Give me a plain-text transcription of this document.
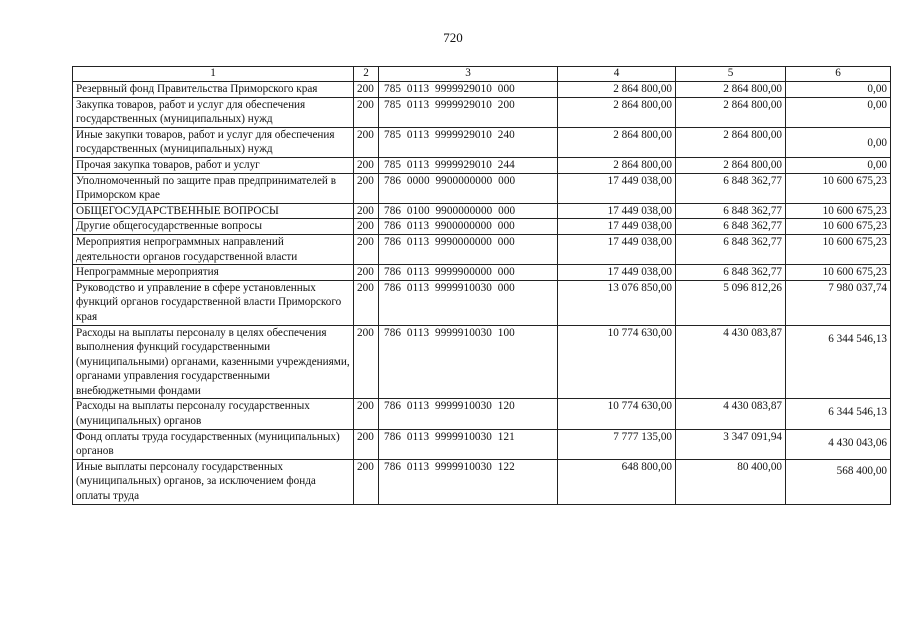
720
1	2	3	4	5	6
Резервный фонд Правительства Приморского края	200	785  0113  9999929010  000	2 864 800,00	2 864 800,00	0,00
Закупка товаров, работ и услуг для обеспечения государственных (муниципальных) нужд	200	785  0113  9999929010  200	2 864 800,00	2 864 800,00	0,00
Иные закупки товаров, работ и услуг для обеспечения государственных (муниципальных) нужд	200	785  0113  9999929010  240	2 864 800,00	2 864 800,00	0,00
Прочая закупка товаров, работ и услуг	200	785  0113  9999929010  244	2 864 800,00	2 864 800,00	0,00
Уполномоченный по защите прав предпринимателей в Приморском крае	200	786  0000  9900000000  000	17 449 038,00	6 848 362,77	10 600 675,23
ОБЩЕГОСУДАРСТВЕННЫЕ ВОПРОСЫ	200	786  0100  9900000000  000	17 449 038,00	6 848 362,77	10 600 675,23
Другие общегосударственные вопросы	200	786  0113  9900000000  000	17 449 038,00	6 848 362,77	10 600 675,23
Мероприятия непрограммных направлений деятельности органов государственной власти	200	786  0113  9990000000  000	17 449 038,00	6 848 362,77	10 600 675,23
Непрограммные мероприятия	200	786  0113  9999900000  000	17 449 038,00	6 848 362,77	10 600 675,23
Руководство и управление в сфере установленных функций органов государственной власти Приморского края	200	786  0113  9999910030  000	13 076 850,00	5 096 812,26	7 980 037,74
Расходы на выплаты персоналу в целях обеспечения выполнения функций государственными (муниципальными) органами, казенными учреждениями, органами управления государственными внебюджетными фондами	200	786  0113  9999910030  100	10 774 630,00	4 430 083,87	6 344 546,13
Расходы на выплаты персоналу государственных (муниципальных) органов	200	786  0113  9999910030  120	10 774 630,00	4 430 083,87	6 344 546,13
Фонд оплаты труда государственных (муниципальных) органов	200	786  0113  9999910030  121	7 777 135,00	3 347 091,94	4 430 043,06
Иные выплаты персоналу государственных (муниципальных) органов, за исключением фонда оплаты труда	200	786  0113  9999910030  122	648 800,00	80 400,00	568 400,00
